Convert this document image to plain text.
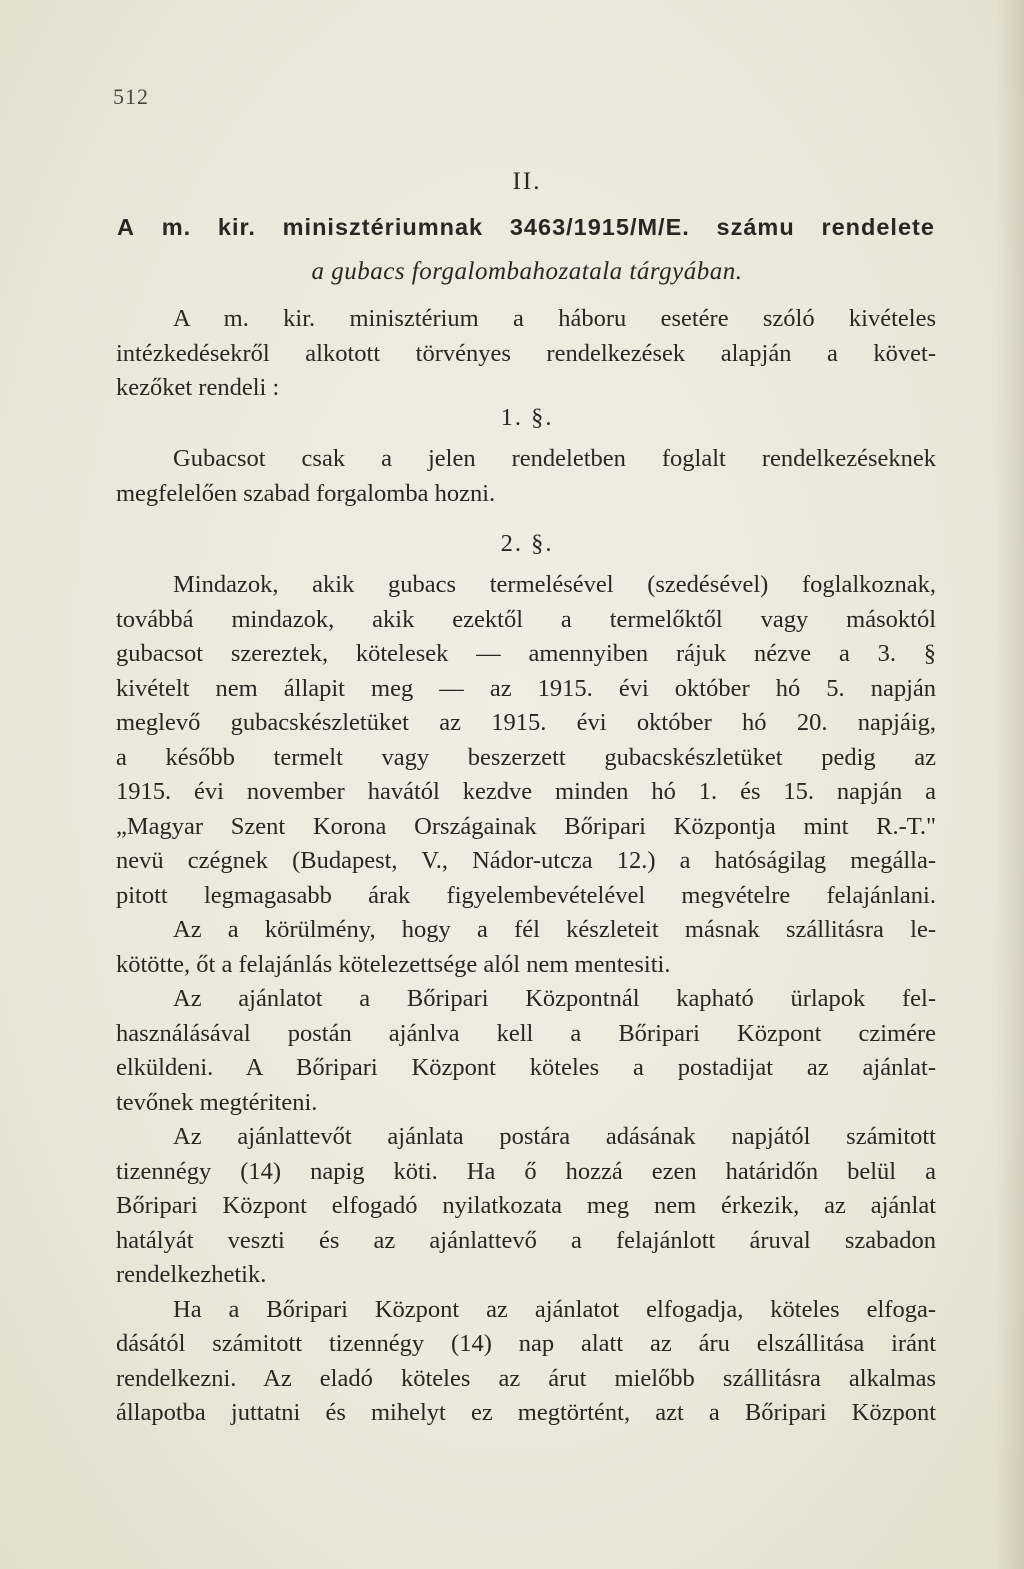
512
II.
A m. kir. minisztériumnak 3463/1915/M/E. számu rendelete
a gubacs forgalombahozatala tárgyában.
A m. kir. minisztérium a háboru esetére szóló kivételes
intézkedésekről alkotott törvényes rendelkezések alapján a követ-
kezőket rendeli :
1. §.
Gubacsot csak a jelen rendeletben foglalt rendelkezéseknek
megfelelően szabad forgalomba hozni.
2. §.
Mindazok, akik gubacs termelésével (szedésével) foglalkoznak,
továbbá mindazok, akik ezektől a termelőktől vagy másoktól
gubacsot szereztek, kötelesek — amennyiben rájuk nézve a 3. §
kivételt nem állapit meg — az 1915. évi október hó 5. napján
meglevő gubacskészletüket az 1915. évi október hó 20. napjáig,
a később termelt vagy beszerzett gubacskészletüket pedig az
1915. évi november havától kezdve minden hó 1. és 15. napján a
„Magyar Szent Korona Országainak Bőripari Központja mint R.-T."
nevü czégnek (Budapest, V., Nádor-utcza 12.) a hatóságilag megálla-
pitott legmagasabb árak figyelembevételével megvételre felajánlani.
Az a körülmény, hogy a fél készleteit másnak szállitásra le-
kötötte, őt a felajánlás kötelezettsége alól nem mentesiti.
Az ajánlatot a Bőripari Központnál kapható ürlapok fel-
használásával postán ajánlva kell a Bőripari Központ czimére
elküldeni. A Bőripari Központ köteles a postadijat az ajánlat-
tevőnek megtériteni.
Az ajánlattevőt ajánlata postára adásának napjától számitott
tizennégy (14) napig köti. Ha ő hozzá ezen határidőn belül a
Bőripari Központ elfogadó nyilatkozata meg nem érkezik, az ajánlat
hatályát veszti és az ajánlattevő a felajánlott áruval szabadon
rendelkezhetik.
Ha a Bőripari Központ az ajánlatot elfogadja, köteles elfoga-
dásától számitott tizennégy (14) nap alatt az áru elszállitása iránt
rendelkezni. Az eladó köteles az árut mielőbb szállitásra alkalmas
állapotba juttatni és mihelyt ez megtörtént, azt a Bőripari Központ
